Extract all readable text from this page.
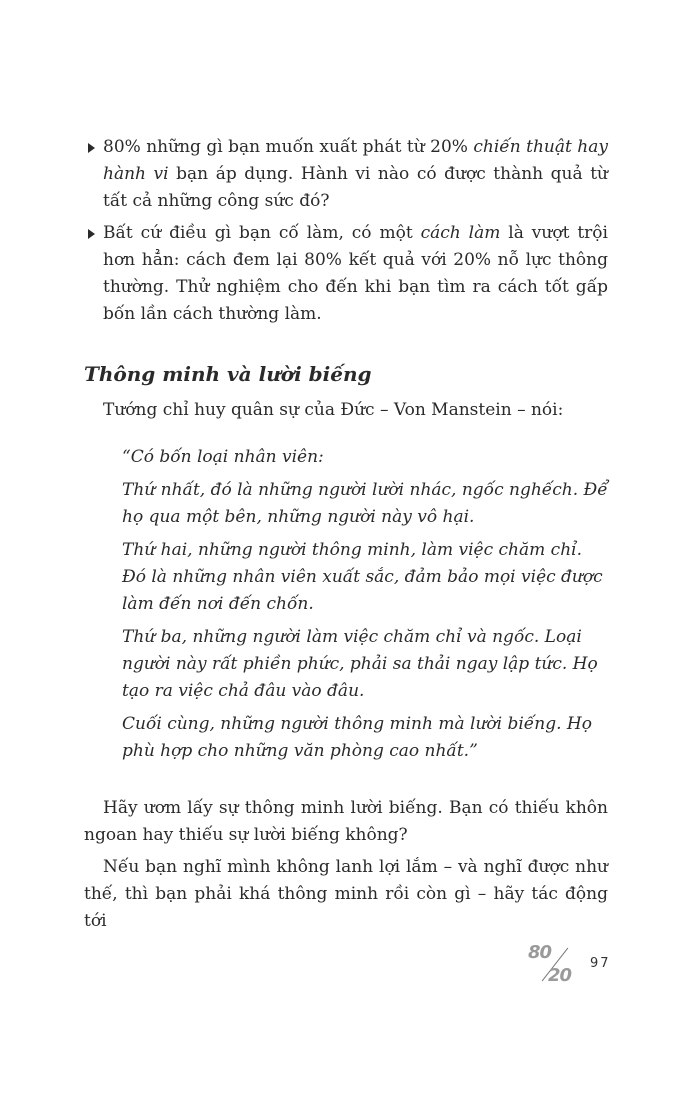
80% những gì bạn muốn xuất phát từ 20% chiến thuật hay hành vi bạn áp dụng. Hành vi nào có được thành quả từ tất cả những công sức đó?

Bất cứ điều gì bạn cố làm, có một cách làm là vượt trội hơn hẳn: cách đem lại 80% kết quả với 20% nỗ lực thông thường. Thử nghiệm cho đến khi bạn tìm ra cách tốt gấp bốn lần cách thường làm.

Thông minh và lười biếng

Tướng chỉ huy quân sự của Đức – Von Manstein – nói:

“Có bốn loại nhân viên:

Thứ nhất, đó là những người lười nhác, ngốc nghếch. Để họ qua một bên, những người này vô hại.

Thứ hai, những người thông minh, làm việc chăm chỉ. Đó là những nhân viên xuất sắc, đảm bảo mọi việc được làm đến nơi đến chốn.

Thứ ba, những người làm việc chăm chỉ và ngốc. Loại người này rất phiền phức, phải sa thải ngay lập tức. Họ tạo ra việc chả đâu vào đâu.

Cuối cùng, những người thông minh mà lười biếng. Họ phù hợp cho những văn phòng cao nhất.”

Hãy ươm lấy sự thông minh lười biếng. Bạn có thiếu khôn ngoan hay thiếu sự lười biếng không?

Nếu bạn nghĩ mình không lanh lợi lắm – và nghĩ được như thế, thì bạn phải khá thông minh rồi còn gì – hãy tác động tới

80
20
97
